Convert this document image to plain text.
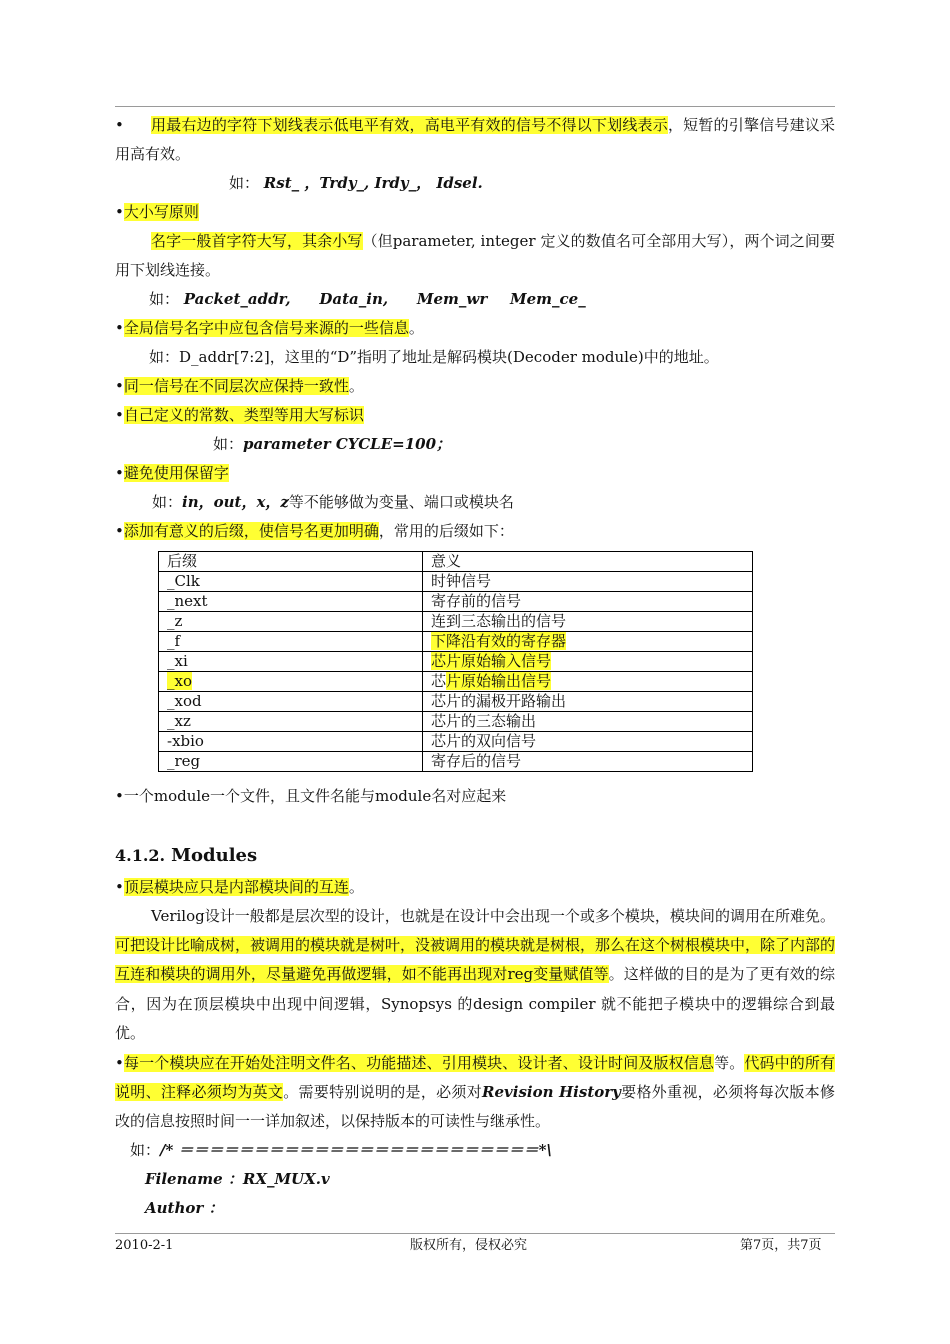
• 用最右边的字符下划线表示低电平有效，高电平有效的信号不得以下划线表示，短暂的引擎信号建议采用高有效。
如： Rst_ ，Trdy_, Irdy_， Idsel.
•大小写原则
名字一般首字符大写，其余小写（但parameter, integer 定义的数值名可全部用大写），两个词之间要用下划线连接。
如： Packet_addr, Data_in, Mem_wr Mem_ce_
•全局信号名字中应包含信号来源的一些信息。
如：D_addr[7:2]，这里的“D”指明了地址是解码模块(Decoder module)中的地址。
•同一信号在不同层次应保持一致性。
•自己定义的常数、类型等用大写标识
如：parameter CYCLE=100；
•避免使用保留字
如：in，out，x，z等不能够做为变量、端口或模块名
•添加有意义的后缀，使信号名更加明确，常用的后缀如下：
后缀	意义
_Clk	时钟信号
_next	寄存前的信号
_z	连到三态输出的信号
_f	下降沿有效的寄存器
_xi	芯片原始输入信号
_xo	芯片原始输出信号
_xod	芯片的漏极开路输出
_xz	芯片的三态输出
-xbio	芯片的双向信号
_reg	寄存后的信号
•一个module一个文件，且文件名能与module名对应起来
4.1.2. Modules
•顶层模块应只是内部模块间的互连。
Verilog设计一般都是层次型的设计，也就是在设计中会出现一个或多个模块，模块间的调用在所难免。可把设计比喻成树，被调用的模块就是树叶，没被调用的模块就是树根，那么在这个树根模块中，除了内部的互连和模块的调用外，尽量避免再做逻辑，如不能再出现对reg变量赋值等。这样做的目的是为了更有效的综合，因为在顶层模块中出现中间逻辑，Synopsys 的design compiler 就不能把子模块中的逻辑综合到最优。
•每一个模块应在开始处注明文件名、功能描述、引用模块、设计者、设计时间及版权信息等。代码中的所有说明、注释必须均为英文。需要特别说明的是，必须对Revision History要格外重视，必须将每次版本修改的信息按照时间一一详加叙述，以保持版本的可读性与继承性。
如：/* ＝＝＝＝＝＝＝＝＝＝＝＝＝＝＝＝＝＝＝＝＝＝＝＝*\
Filename ：RX_MUX.v
Author ：
2010-2-1	版权所有，侵权必究	第7页，共7页
